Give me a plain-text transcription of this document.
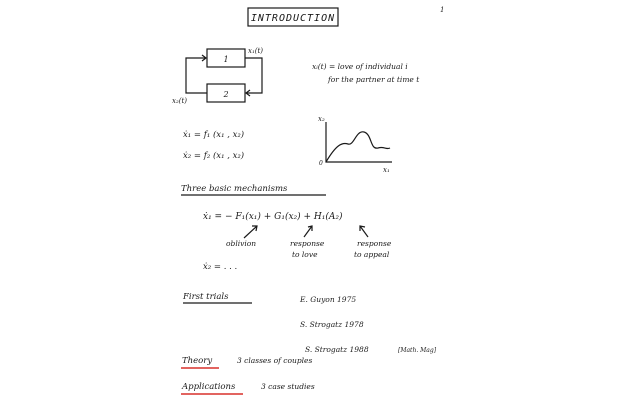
INTRODUCTION
1
1
2
x₁(t)
x₂(t)
xᵢ(t) = love of individual i
for the partner at time t
ẋ₁ = f₁ (x₁ , x₂)
ẋ₂ = f₂ (x₁ , x₂)
x₂
x₁
0
Three basic mechanisms
ẋ₁ = − F₁(x₁) + G₁(x₂) + H₁(A₂)
oblivion	response
to love
response
to appeal
ẋ₂ = . . .
First trials	E. Guyon 1975
S. Strogatz 1978
S. Strogatz 1988	[Math. Mag]
Theory	3 classes of couples
Applications	3 case studies
